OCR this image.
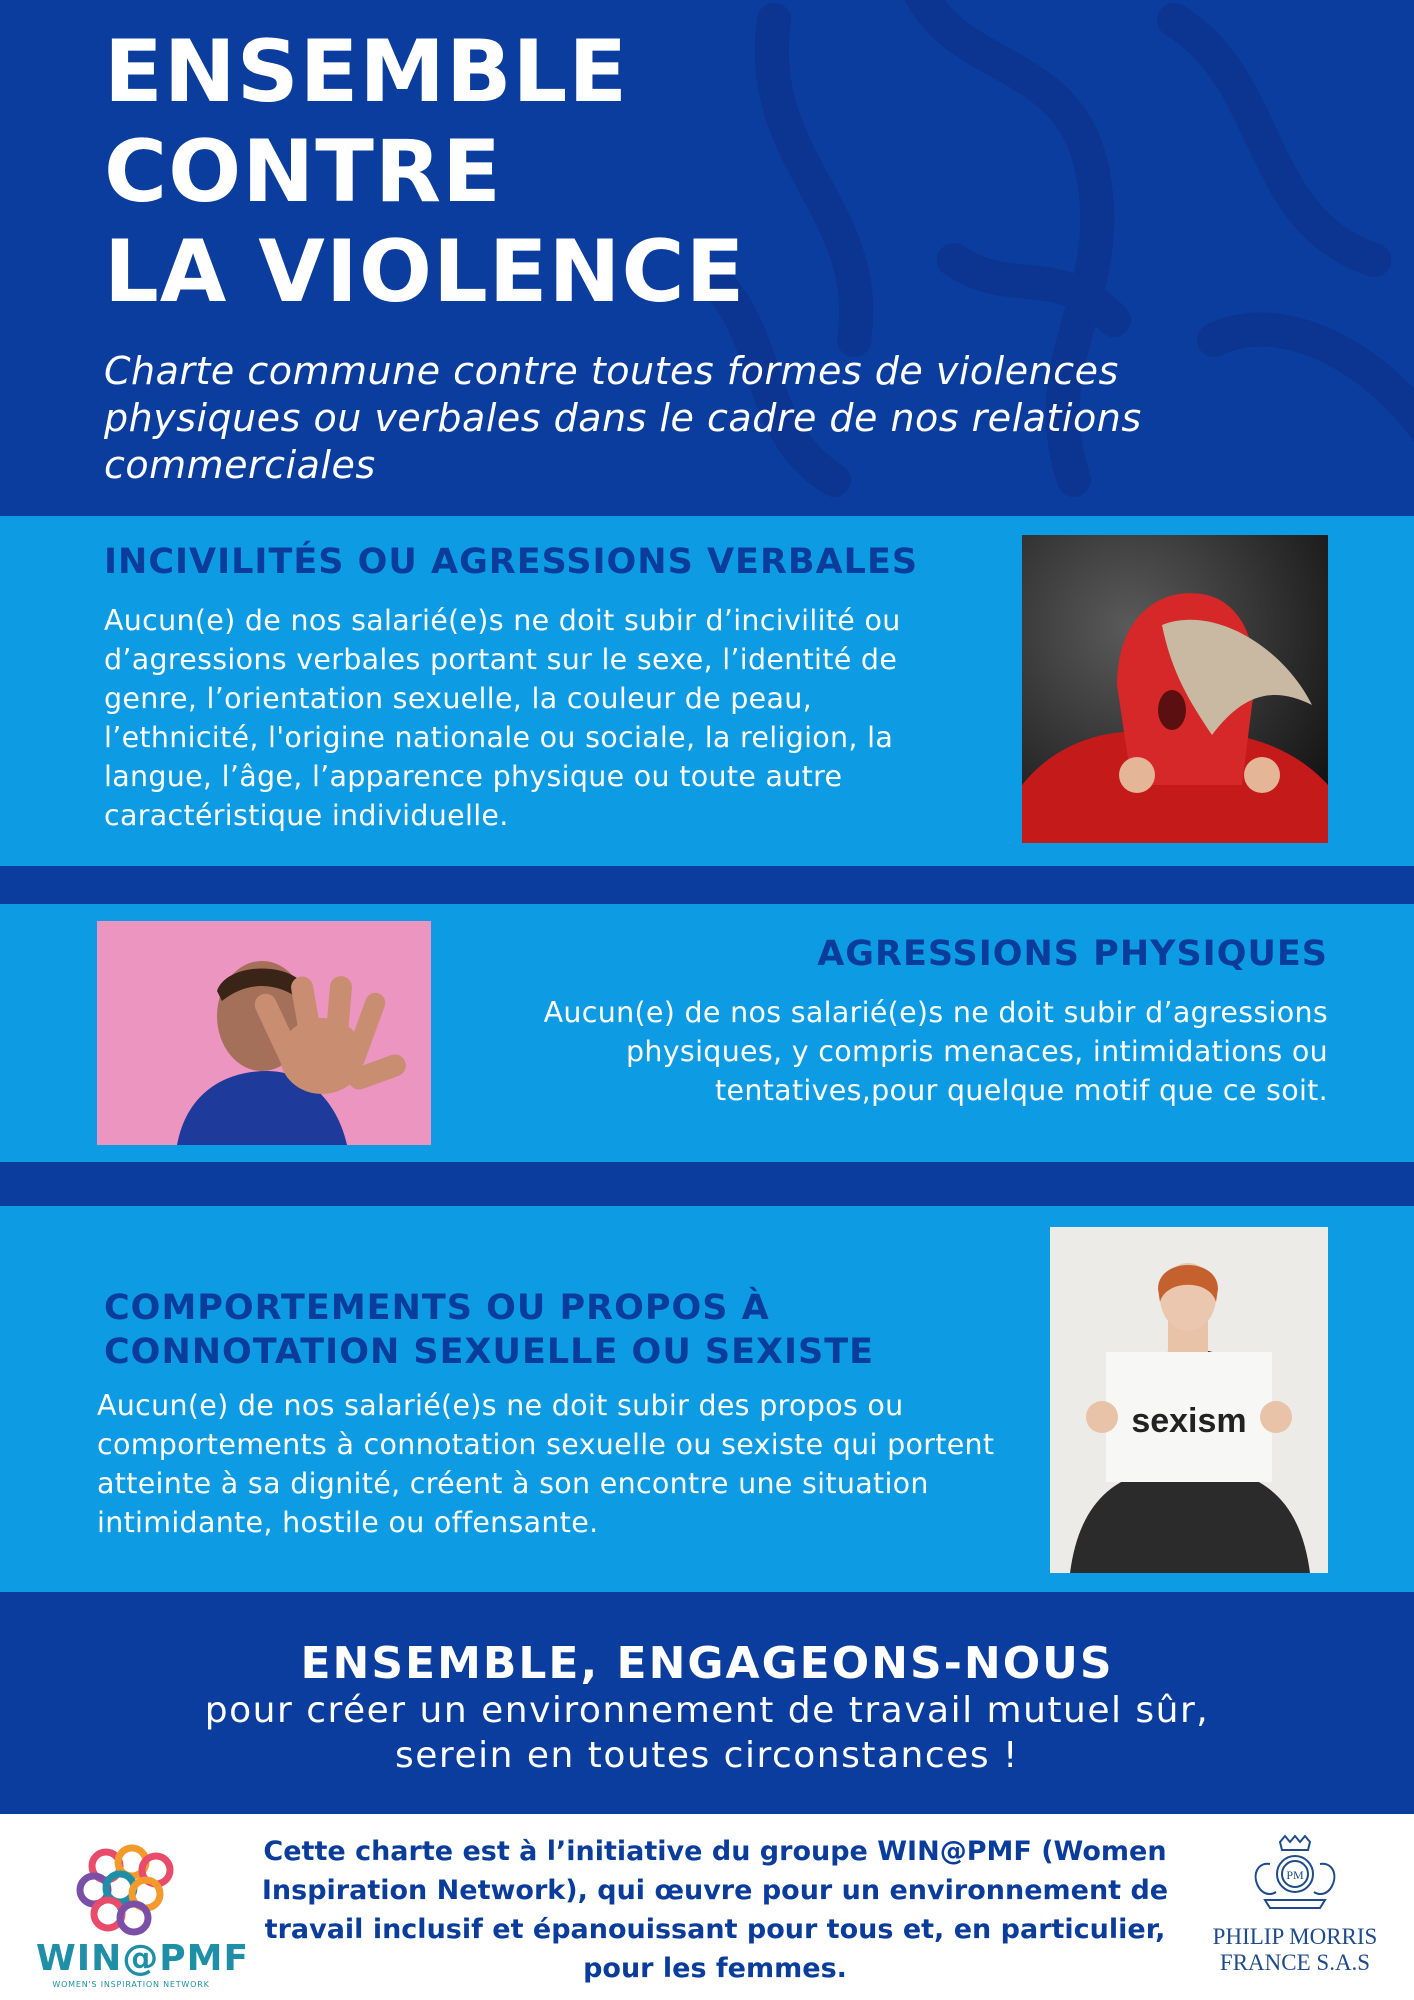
ENSEMBLE
CONTRE
LA VIOLENCE
Charte commune contre toutes formes de violences physiques ou verbales dans le cadre de nos relations commerciales
INCIVILITÉS OU AGRESSIONS VERBALES
Aucun(e) de nos salarié(e)s ne doit subir d’incivilité ou d’agressions verbales portant sur le sexe, l’identité de genre, l’orientation sexuelle, la couleur de peau, l’ethnicité, l'origine nationale ou sociale, la religion, la langue, l’âge, l’apparence physique ou toute autre caractéristique individuelle.
AGRESSIONS PHYSIQUES
Aucun(e) de nos salarié(e)s ne doit subir d’agressions physiques, y compris menaces, intimidations ou tentatives,pour quelque motif que ce soit.
COMPORTEMENTS OU PROPOS À
CONNOTATION SEXUELLE OU SEXISTE
Aucun(e) de nos salarié(e)s ne doit subir des propos ou comportements à connotation sexuelle ou sexiste qui portent atteinte à sa dignité, créent à son encontre une situation intimidante, hostile ou offensante.
sexism
ENSEMBLE, ENGAGEONS-NOUS
pour créer un environnement de travail mutuel sûr,
serein en toutes circonstances !
WIN@PMF
WOMEN'S INSPIRATION NETWORK
Cette charte est à l’initiative du groupe WIN@PMF (Women Inspiration Network), qui œuvre pour un environnement de travail inclusif et épanouissant pour tous et, en particulier, pour les femmes.
PM
PHILIP MORRIS
FRANCE S.A.S
